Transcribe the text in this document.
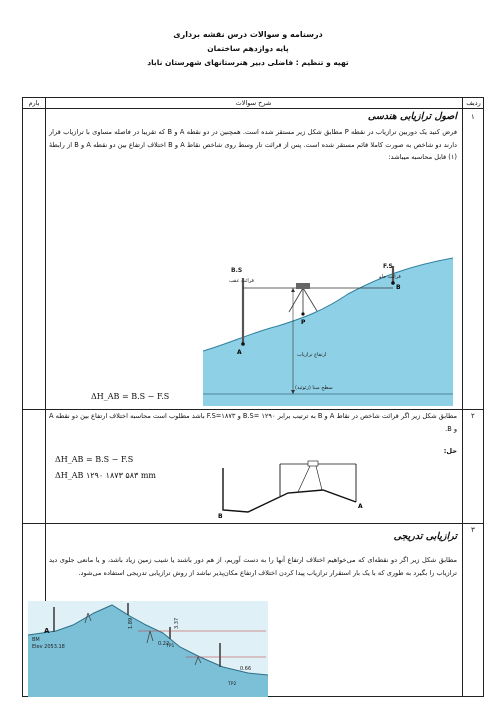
درسنامه و سوالات درس نقشه برداری
پایه دوازدهم ساختمان
تهیه و تنظیم : فاضلی دبیر هنرستانهای شهرستان ناباد
بارم	شرح سوالات	ردیف
۱
اصول ترازیابی هندسی
فرض کنید یک دوربین ترازیاب در نقطه P مطابق شکل زیر مستقر شده است. همچنین در دو نقطه A و B که تقریبا در فاصله مساوی با ترازیاب قرار دارند دو شاخص به صورت کاملا قائم مستقر شده است. پس از قرائت تار وسط روی شاخص نقاط A و B اختلاف ارتفاع بین دو نقطه A و B از رابطهٔ (۱) قابل محاسبه میباشد:
B.S
قرائت عقب
F.S
قرائت جلو
A
B
P
ارتفاع ترازیاب
سطح مبنا (ژئوئید)
ΔH_AB = B.S − F.S
۲
مطابق شکل زیر اگر قرائت شاخص در نقاط A و B به ترتیب برابر B.S= ۱۲۹۰ و F.S=۱۸۷۳ باشد مطلوب است محاسبه اختلاف ارتفاع بین دو نقطه A و B.
حل:
ΔH_AB = B.S − F.S
ΔH_AB ۱۲۹۰ ۱۸۷۳ ۵۸۳ mm
A
B
۳
ترازیابی تدریجی
مطابق شکل زیر اگر دو نقطه‌ای که می‌خواهیم اختلاف ارتفاع آنها را به دست آوریم، از هم دور باشند یا شیب زمین زیاد باشد، و یا مانعی جلوی دید ترازیاب را بگیرد به طوری که با یک بار استقرار ترازیاب پیدا کردن اختلاف ارتفاع مکان‌پذیر نباشد از روش ترازیابی تدریجی استفاده می‌شود.
A
BM
Elev 2053.18
1.89
0.22
0.66
3.37
TP1
TP2
